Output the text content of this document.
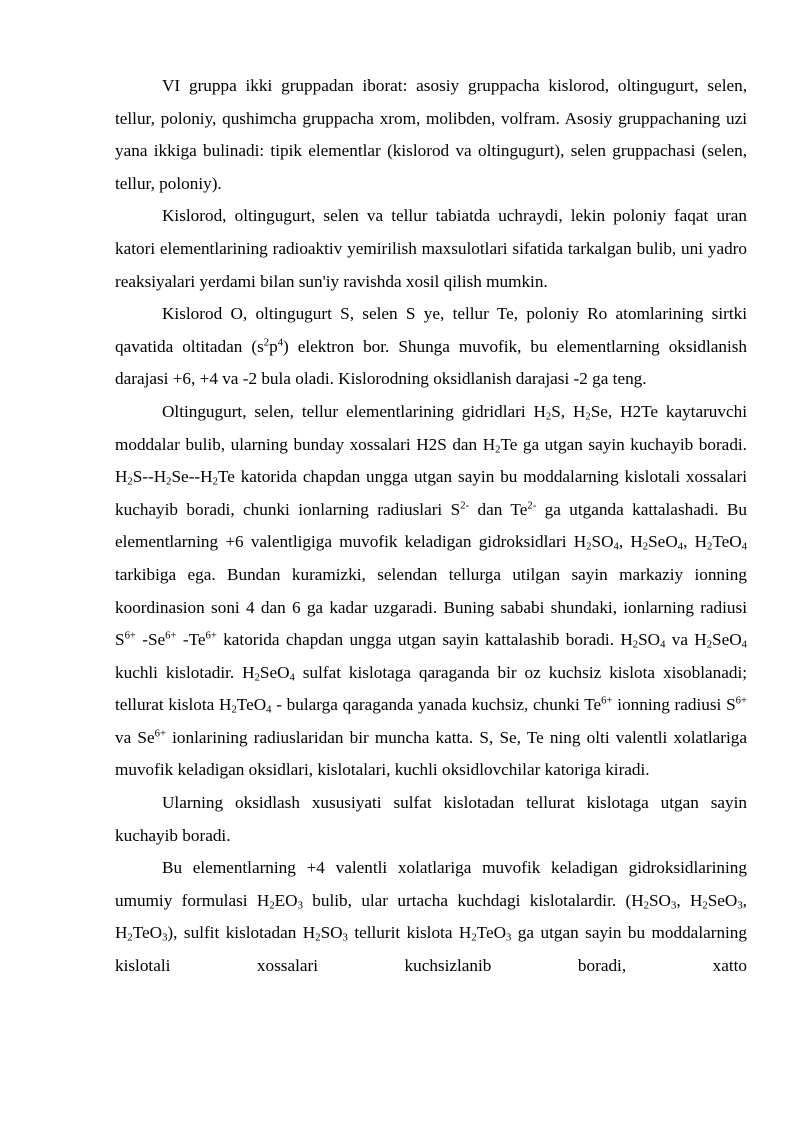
VI gruppa ikki gruppadan iborat: asosiy gruppacha kislorod, oltingugurt, selen, tellur, poloniy, qushimcha gruppacha xrom, molibden, volfram. Asosiy gruppachaning uzi yana ikkiga bulinadi: tipik elementlar (kislorod va oltingugurt), selen gruppachasi (selen, tellur, poloniy).

Kislorod, oltingugurt, selen va tellur tabiatda uchraydi, lekin poloniy faqat uran katori elementlarining radioaktiv yemirilish maxsulotlari sifatida tarkalgan bulib, uni yadro reaksiyalari yerdami bilan sun'iy ravishda xosil qilish mumkin.

Kislorod O, oltingugurt S, selen S ye, tellur Te, poloniy Ro atomlarining sirtki qavatida oltitadan $(s^2p^4)$ elektron bor. Shunga muvofik, bu elementlarning oksidlanish darajasi +6, +4 va -2 bula oladi. Kislorodning oksidlanish darajasi -2 ga teng.

Oltingugurt, selen, tellur elementlarining gidridlari $H_2S$, $H_2Se$, H2Te kaytaruvchi moddalar bulib, ularning bunday xossalari H2S dan $H_2Te$ ga utgan sayin kuchayib boradi. $H_2S--H_2Se--H_2Te$ katorida chapdan ungga utgan sayin bu moddalarning kislotali xossalari kuchayib boradi, chunki ionlarning radiuslari $S^{2-}$ dan $Te^{2-}$ ga utganda kattalashadi. Bu elementlarning +6 valentligiga muvofik keladigan gidroksidlari $H_2SO_4$, $H_2SeO_4$, $H_2TeO_4$ tarkibiga ega. Bundan kuramizki, selendan tellurga utilgan sayin markaziy ionning koordinasion soni 4 dan 6 ga kadar uzgaradi. Buning sababi shundaki, ionlarning radiusi $S^{6+}$ $-Se^{6+}$ $-Te^{6+}$ katorida chapdan ungga utgan sayin kattalashib boradi. $H_2SO_4$ va $H_2SeO_4$ kuchli kislotadir. $H_2SeO_4$ sulfat kislotaga qaraganda bir oz kuchsiz kislota xisoblanadi; tellurat kislota $H_2TeO_4$ - bularga qaraganda yanada kuchsiz, chunki $Te^{6+}$ ionning radiusi $S^{6+}$ va $Se^{6+}$ ionlarining radiuslaridan bir muncha katta. S, Se, Te ning olti valentli xolatlariga muvofik keladigan oksidlari, kislotalari, kuchli oksidlovchilar katoriga kiradi.

Ularning oksidlash xususiyati sulfat kislotadan tellurat kislotaga utgan sayin kuchayib boradi.

Bu elementlarning +4 valentli xolatlariga muvofik keladigan gidroksidlarining umumiy formulasi $H_2EO_3$ bulib, ular urtacha kuchdagi kislotalardir. ($H_2SO_3$, $H_2SeO_3$, $H_2TeO_3$), sulfit kislotadan $H_2SO_3$ tellurit kislota $H_2TeO_3$ ga utgan sayin bu moddalarning kislotali xossalari kuchsizlanib boradi, xatto
